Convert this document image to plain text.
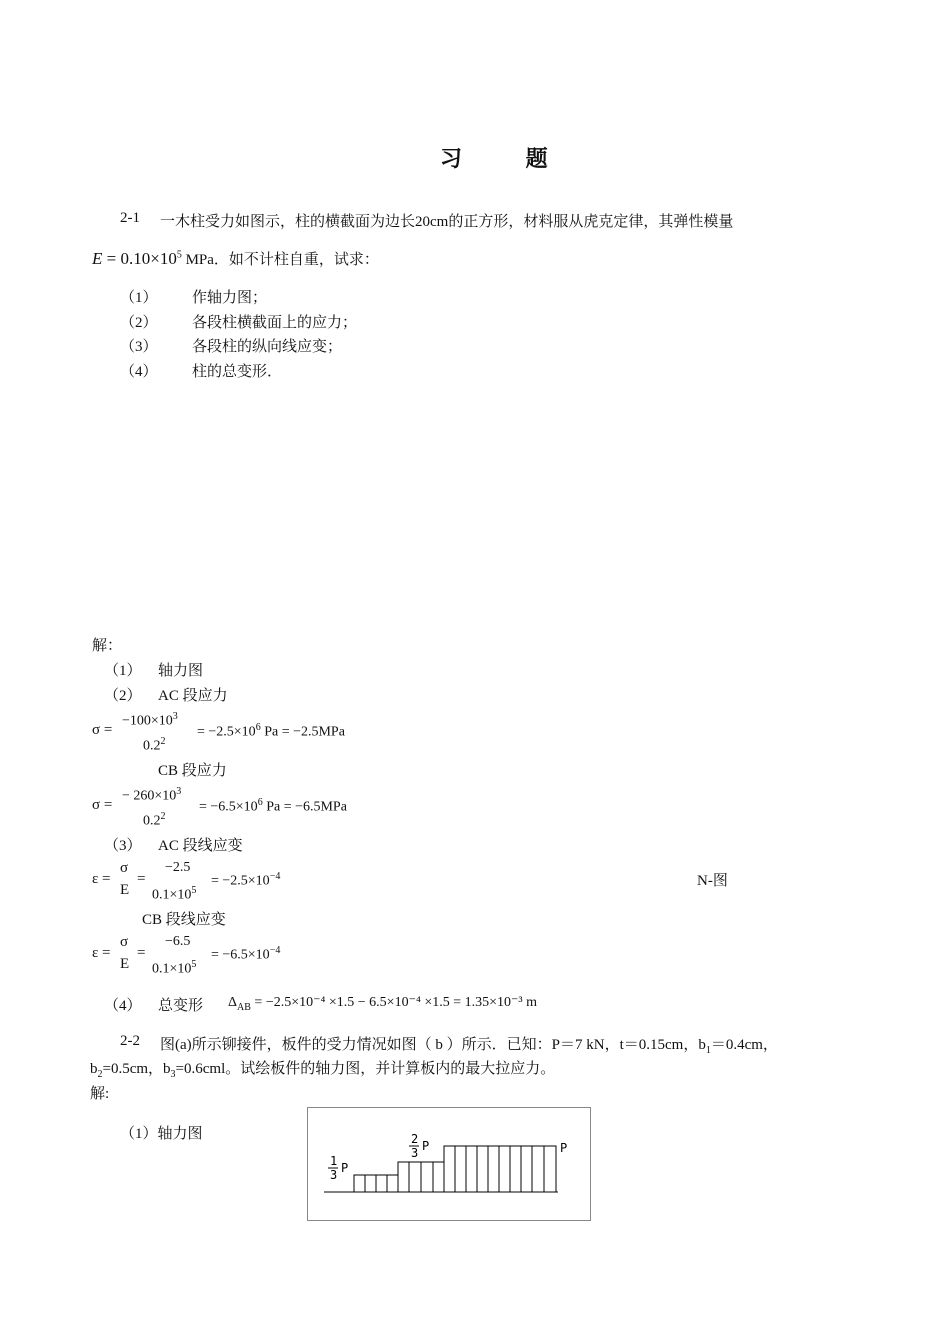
习 题
2-1 一木柱受力如图示，柱的横截面为边长20cm的正方形，材料服从虎克定律，其弹性模量
$E = 0.10\times 10^5$ MPa．如不计柱自重，试求：
（1） 作轴力图；
（2） 各段柱横截面上的应力；
（3） 各段柱的纵向线应变；
（4） 柱的总变形．
解：
（1） 轴力图
（2） AC 段应力
σ =
$-100\times 10^3$
$0.2^2$
= $-2.5\times 10^6$ Pa = −2.5MPa
CB 段应力
σ =
− $260\times 10^3$
$0.2^2$
= $-6.5\times 10^6$ Pa = −6.5MPa
（3） AC 段线应变
ε =
σ
E
=
−2.5
$0.1\times 10^5$
= $-2.5\times 10^{-4}$	N-图
CB 段线应变
ε =
σ
E
=
−6.5
$0.1\times 10^5$
= $-6.5\times 10^{-4}$
（4） 总变形 $\Delta_{AB} = -2.5\times 10^{-4} \times 1.5 - 6.5\times 10^{-4} \times 1.5 = 1.35\times 10^{-3}$ m
2-2 图(a)所示铆接件，板件的受力情况如图（ b ）所示．已知：P＝7 kN，t＝0.15cm，$b_1=0.4cm$，
$b_2=0.5cm$，$b_3=0.6cml$。试绘板件的轴力图，并计算板内的最大拉应力。
解:
（1）轴力图
1
3 P
2
3 P	P
